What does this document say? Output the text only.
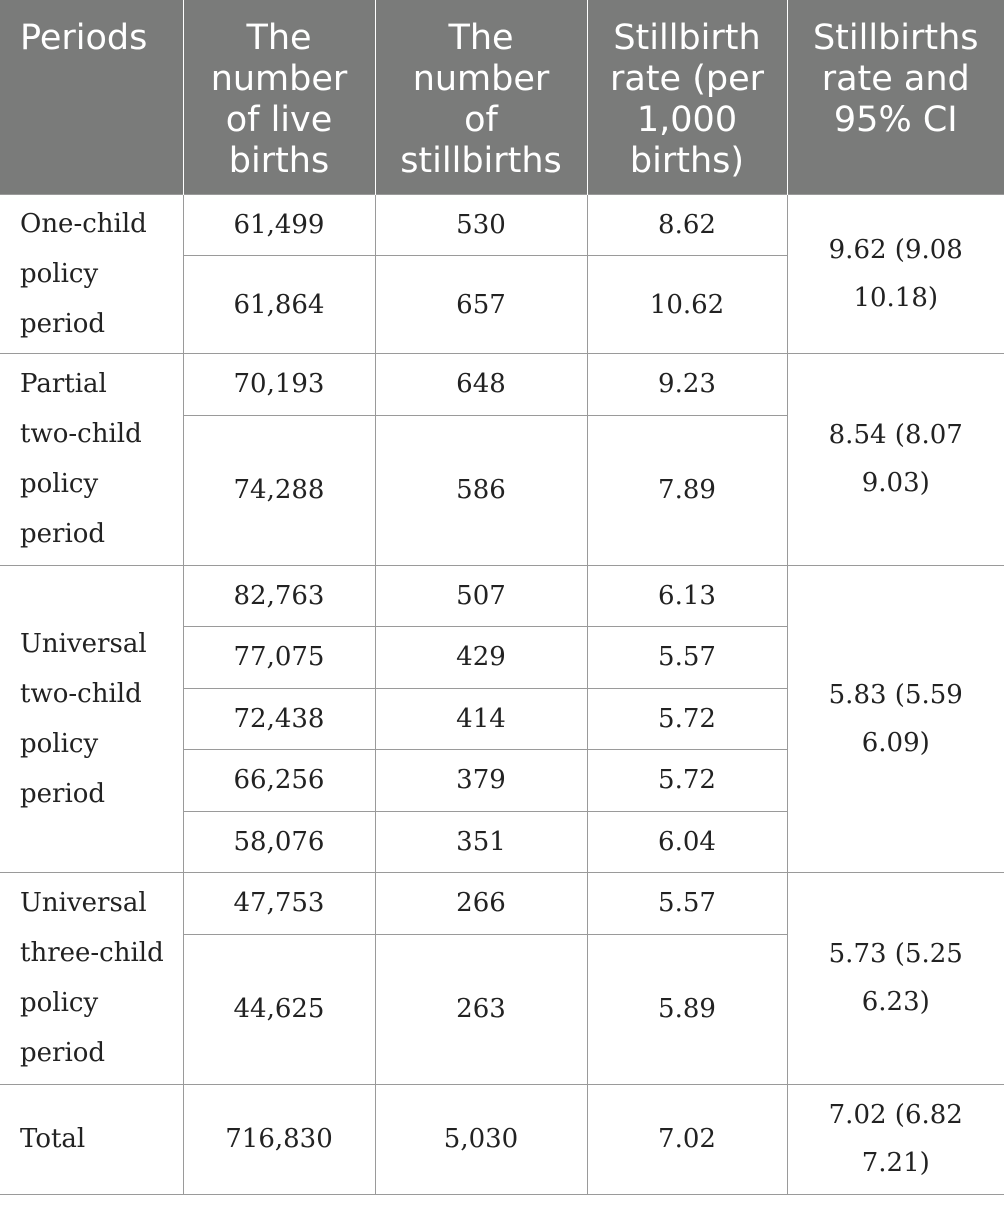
Periods	The
number
of live
births	The
number
of
stillbirths	Stillbirth
rate (per
1,000
births)	Stillbirths
rate and
95% CI

One-child
policy
period	61,499	530	8.62	9.62 (9.08
10.18)

	61,864	657	10.62	

Partial
two-child
policy
period	70,193	648	9.23	8.54 (8.07
9.03)

	74,288	586	7.89	

Universal
two-child
policy
period	82,763	507	6.13	5.83 (5.59
6.09)

	77,075	429	5.57	
	72,438	414	5.72	
	66,256	379	5.72	
	58,076	351	6.04	

Universal
three-child
policy
period	47,753	266	5.57	5.73 (5.25
6.23)

	44,625	263	5.89	
Total	716,830	5,030	7.02	7.02 (6.82
7.21)
